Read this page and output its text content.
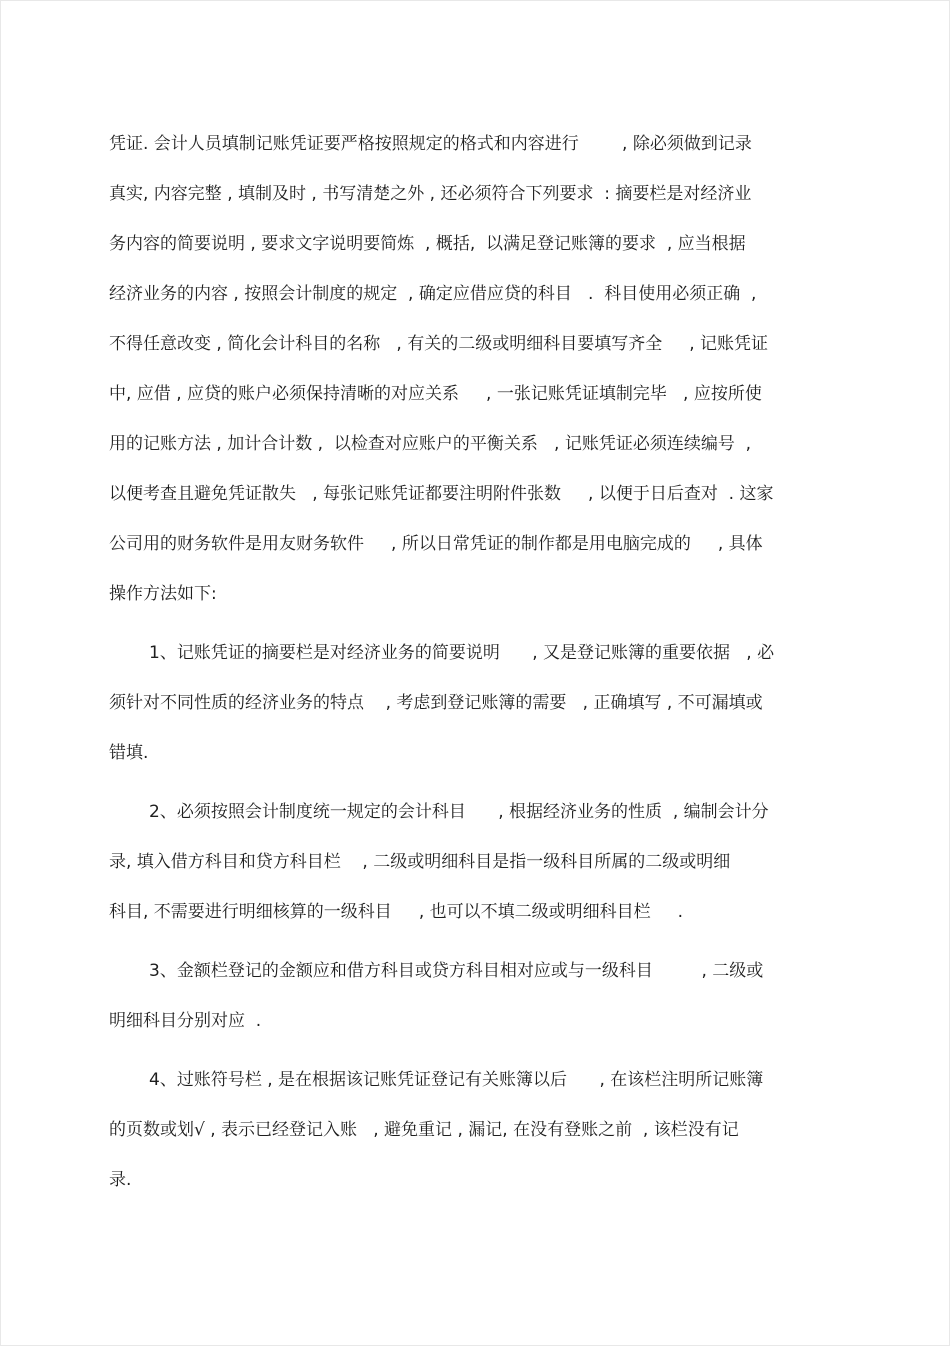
凭证. 会计人员填制记账凭证要严格按照规定的格式和内容进行        , 除必须做到记录
真实, 内容完整 , 填制及时 , 书写清楚之外 , 还必须符合下列要求  : 摘要栏是对经济业
务内容的简要说明 , 要求文字说明要简炼  , 概括,  以满足登记账簿的要求  , 应当根据
经济业务的内容 , 按照会计制度的规定  , 确定应借应贷的科目   .  科目使用必须正确  ,
不得任意改变 , 简化会计科目的名称   , 有关的二级或明细科目要填写齐全     , 记账凭证
中, 应借 , 应贷的账户必须保持清晰的对应关系     , 一张记账凭证填制完毕   , 应按所使
用的记账方法 , 加计合计数 ,  以检查对应账户的平衡关系   , 记账凭证必须连续编号  ,
以便考查且避免凭证散失   , 每张记账凭证都要注明附件张数     , 以便于日后查对  . 这家
公司用的财务软件是用友财务软件     , 所以日常凭证的制作都是用电脑完成的     , 具体
操作方法如下:
1、记账凭证的摘要栏是对经济业务的简要说明      , 又是登记账簿的重要依据   , 必
须针对不同性质的经济业务的特点    , 考虑到登记账簿的需要   , 正确填写 , 不可漏填或
错填.
2、必须按照会计制度统一规定的会计科目      , 根据经济业务的性质  , 编制会计分
录, 填入借方科目和贷方科目栏    , 二级或明细科目是指一级科目所属的二级或明细
科目, 不需要进行明细核算的一级科目     , 也可以不填二级或明细科目栏     .
3、金额栏登记的金额应和借方科目或贷方科目相对应或与一级科目         , 二级或
明细科目分别对应  .
4、过账符号栏 , 是在根据该记账凭证登记有关账簿以后      , 在该栏注明所记账簿
的页数或划√ , 表示已经登记入账   , 避免重记 , 漏记, 在没有登账之前  , 该栏没有记
录.
